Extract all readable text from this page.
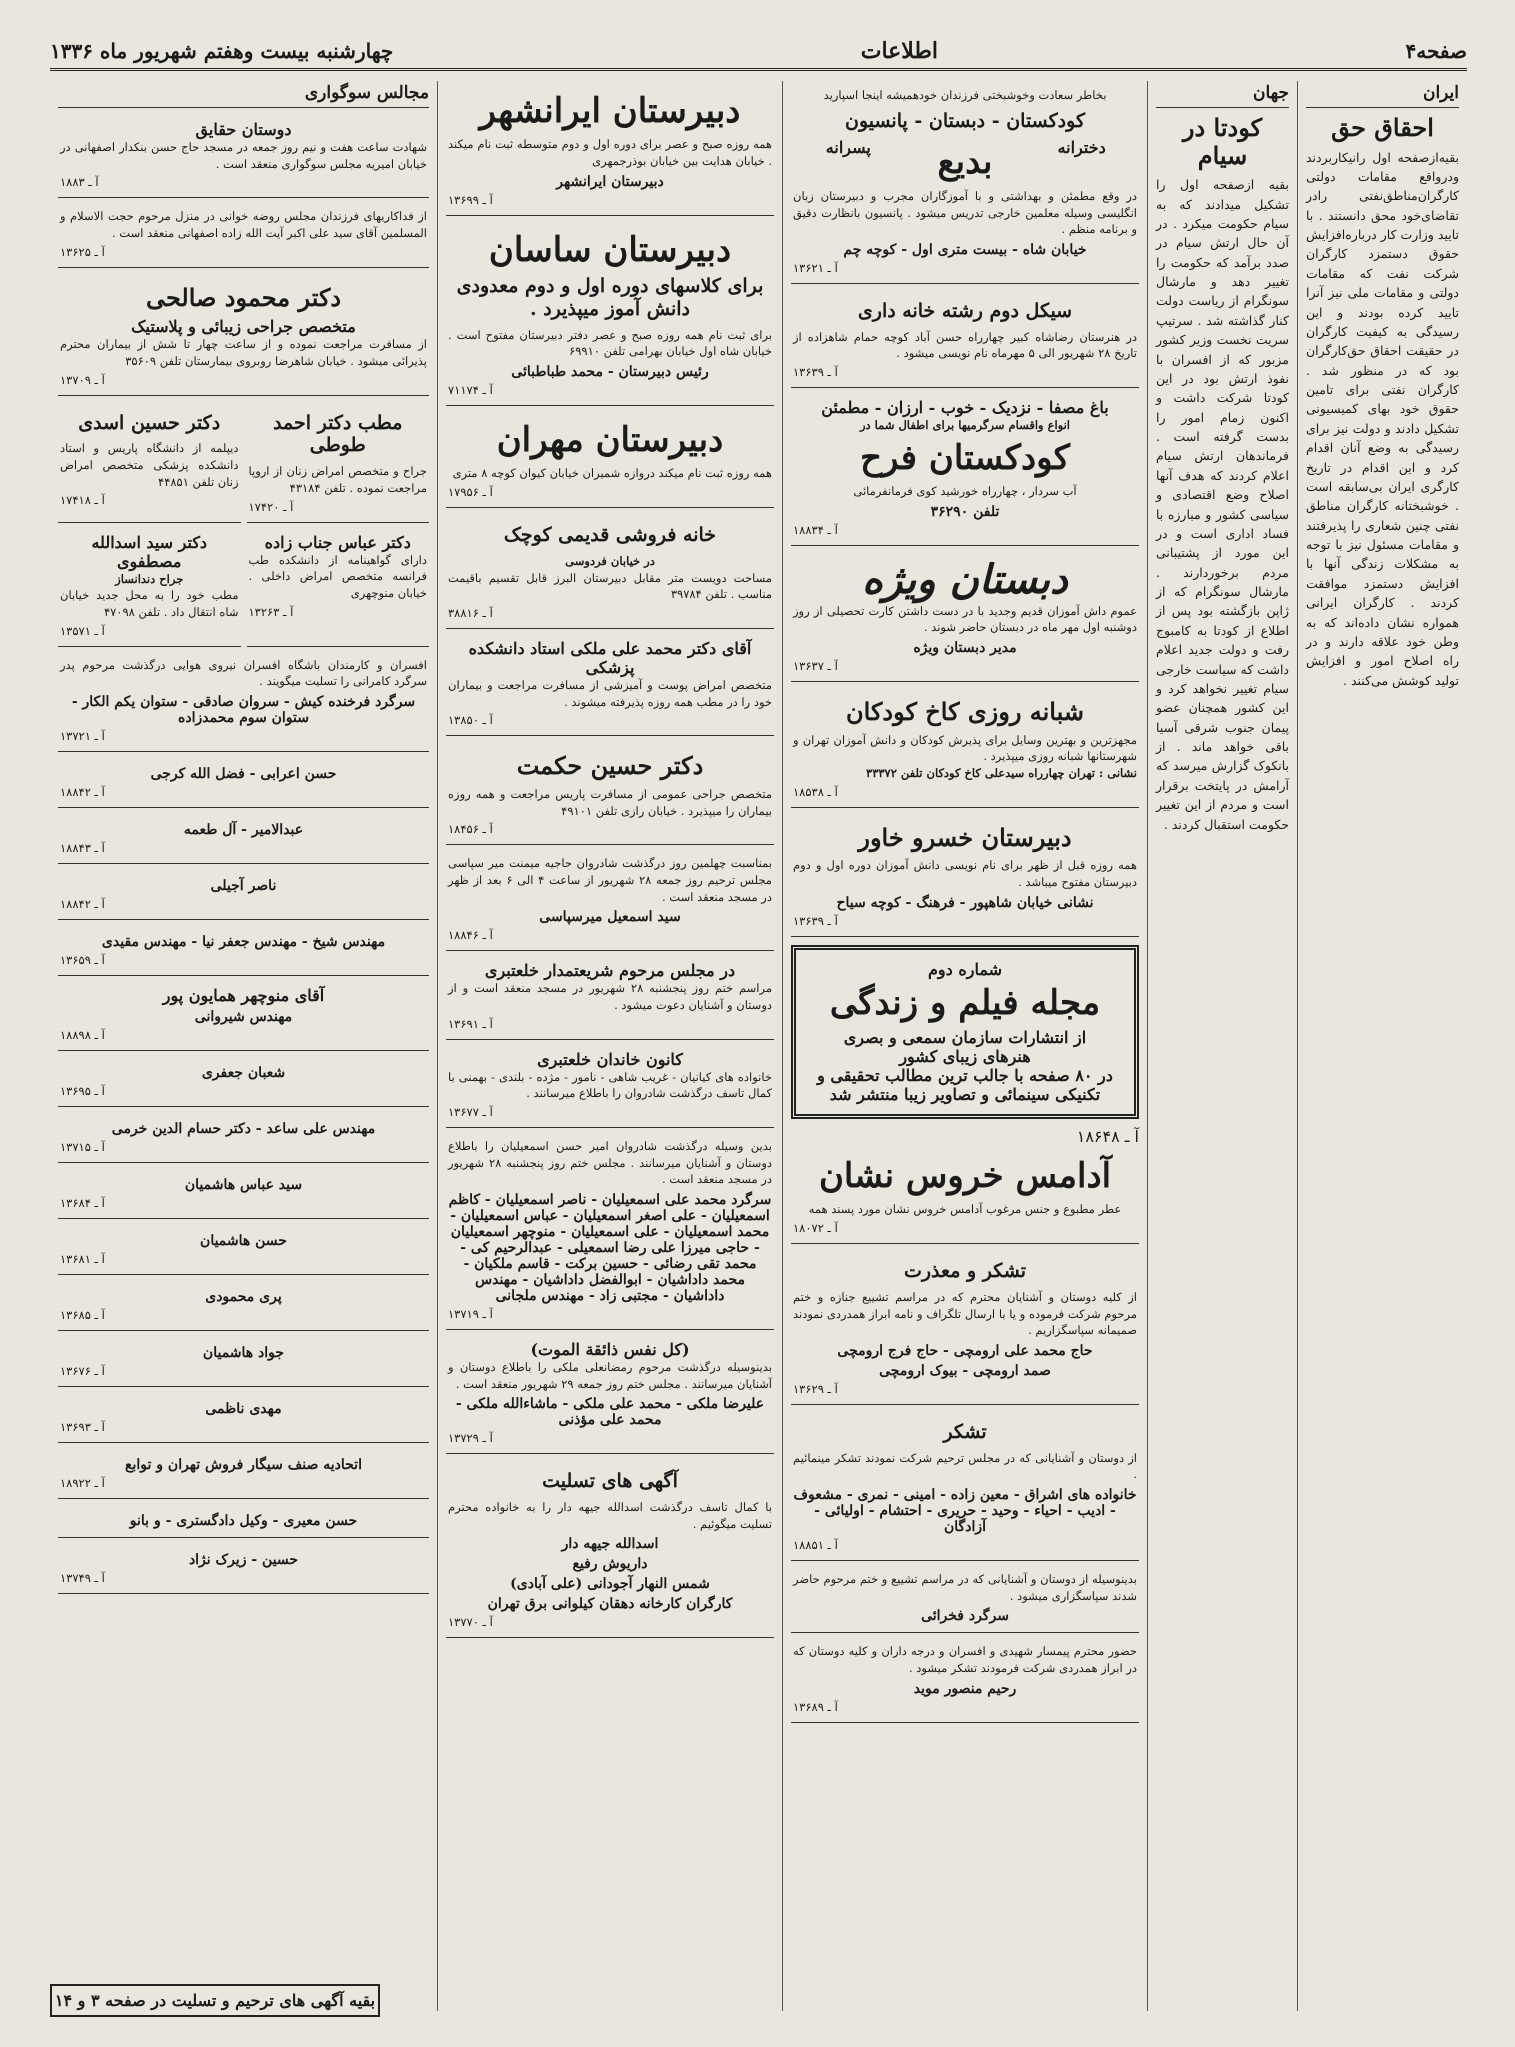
صفحه۴
اطلاعات
چهارشنبه بیست وهفتم شهریور ماه ۱۳۳۶
ایران
احقاق حق
بقیه‌ازصفحه اول رانیکاربردند ودرواقع مقامات دولتی کارگران‌مناطق‌نفتی رادر تقاضای‌خود محق دانستند . با تایید وزارت کار درباره‌افزایش حقوق دستمزد کارگران شرکت نفت که مقامات دولتی و مقامات ملی نیز آنرا تایید کرده بودند و این رسیدگی به کیفیت کارگران در حقیقت احقاق حق‌کارگران بود که در منظور شد . کارگران نفتی برای تامین حقوق خود بهای کمیسیونی تشکیل دادند و دولت نیز برای رسیدگی به وضع آنان اقدام کرد و این اقدام در تاریخ کارگری ایران بی‌سابقه است . خوشبختانه کارگران مناطق نفتی چنین شعاری را پذیرفتند و مقامات مسئول نیز با توجه به مشکلات زندگی آنها با افزایش دستمزد موافقت کردند . کارگران ایرانی همواره نشان داده‌اند که به وطن خود علاقه دارند و در راه اصلاح امور و افزایش تولید کوشش می‌کنند .
جهان
کودتا در سیام
بقیه ازصفحه اول را تشکیل میدادند که به سیام حکومت میکرد . در آن حال ارتش سیام در صدد برآمد که حکومت را تغییر دهد و مارشال سونگرام از ریاست دولت کنار گذاشته شد . سرتیپ سریت نخست وزیر کشور مزبور که از افسران با نفوذ ارتش بود در این کودتا شرکت داشت و اکنون زمام امور را بدست گرفته است . فرماندهان ارتش سیام اعلام کردند که هدف آنها اصلاح وضع اقتصادی و سیاسی کشور و مبارزه با فساد اداری است و در این مورد از پشتیبانی مردم برخوردارند . مارشال سونگرام که از ژاپن بازگشته بود پس از اطلاع از کودتا به کامبوج رفت و دولت جدید اعلام داشت که سیاست خارجی سیام تغییر نخواهد کرد و این کشور همچنان عضو پیمان جنوب شرقی آسیا باقی خواهد ماند . از بانکوک گزارش میرسد که آرامش در پایتخت برقرار است و مردم از این تغییر حکومت استقبال کردند .
بخاطر سعادت وخوشبختی فرزندان خودهمیشه اینجا اسپارید
کودکستان - دبستان - پانسیون
دخترانه
بدیع
پسرانه
در وقع مطمئن و بهداشتی و با آموزگاران مجرب و دبیرستان زبان انگلیسی وسیله معلمین خارجی تدریس میشود . پانسیون بانظارت دقیق و برنامه منظم .
خیابان شاه - بیست متری اول - کوچه چم
آ ـ ۱۳۶۲۱
سیکل دوم رشته خانه داری
در هنرستان رضاشاه کبیر چهارراه حسن آباد کوچه حمام شاهزاده از تاریخ ۲۸ شهریور الی ۵ مهرماه نام نویسی میشود .
آ ـ ۱۳۶۳۹
باغ مصفا - نزدیک - خوب - ارزان - مطمئن
انواع واقسام سرگرمیها برای اطفال شما در
کودکستان فرح
آب سردار ، چهارراه خورشید کوی فرمانفرمائی
تلفن ۳۶۲۹۰
آ ـ ۱۸۸۳۴
دبستان ویژه
عموم داش آموزان قدیم وجدید با در دست داشتن کارت تحصیلی از روز دوشنبه اول مهر ماه در دبستان حاضر شوند .
مدیر دبستان ویژه
آ ـ ۱۳۶۳۷
شبانه روزی کاخ کودکان
مجهزترین و بهترین وسایل برای پذیرش کودکان و دانش آموزان تهران و شهرستانها شبانه روزی میپذیرد .
نشانی : تهران چهارراه سیدعلی کاخ کودکان تلفن ۳۳۳۷۲
آ ـ ۱۸۵۳۸
دبیرستان خسرو خاور
همه روزه قبل از ظهر برای نام نویسی دانش آموزان دوره اول و دوم دبیرستان مفتوح میباشد .
نشانی خیابان شاهپور - فرهنگ - کوچه سیاح
آ ـ ۱۳۶۳۹
شماره دوم
مجله فیلم و زندگی
از انتشارات سازمان سمعی و بصری
هنرهای زیبای کشور
در ۸۰ صفحه با جالب ترین مطالب تحقیقی و تکنیکی سینمائی و تصاویر زیبا منتشر شد
آ ـ ۱۸۶۴۸
آدامس خروس نشان
عطر مطبوع و جنس مرغوب آدامس خروس نشان مورد پسند همه
آ ـ ۱۸۰۷۲
تشکر و معذرت
از کلیه دوستان و آشنایان محترم که در مراسم تشییع جنازه و ختم مرحوم شرکت فرموده و یا با ارسال تلگراف و نامه ابراز همدردی نمودند صمیمانه سپاسگزاریم .
حاج محمد علی ارومچی - حاج فرج ارومچی
صمد ارومچی - بیوک ارومچی
آ ـ ۱۳۶۲۹
تشکر
از دوستان و آشنایانی که در مجلس ترحیم شرکت نمودند تشکر مینمائیم .
خانواده های اشراق - معین زاده - امینی - نمری - مشعوف - ادیب - احیاء - وحید - حریری - احتشام - اولیائی - آزادگان
آ ـ ۱۸۸۵۱
بدینوسیله از دوستان و آشنایانی که در مراسم تشییع و ختم مرحوم حاضر شدند سپاسگزاری میشود .
سرگرد فخرائی
حضور محترم پیمسار شهیدی و افسران و درجه داران و کلیه دوستان که در ابراز همدردی شرکت فرمودند تشکر میشود .
رحیم منصور موید
آ ـ ۱۳۶۸۹
دبیرستان ایرانشهر
همه روزه صبح و عصر برای دوره اول و دوم متوسطه ثبت نام میکند . خیابان هدایت بین خیابان بوذرجمهری
دبیرستان ایرانشهر
آ ـ ۱۳۶۹۹
دبیرستان ساسان
برای کلاسهای دوره اول و دوم معدودی دانش آموز میپذیرد .
برای ثبت نام همه روزه صبح و عصر دفتر دبیرستان مفتوح است . خیابان شاه اول خیابان بهرامی تلفن ۶۹۹۱۰
رئیس دبیرستان - محمد طباطبائی
آ ـ ۷۱۱۷۴
دبیرستان مهران
همه روزه ثبت نام میکند دروازه شمیران خیابان کیوان کوچه ۸ متری
آ ـ ۱۷۹۵۶
خانه فروشی قدیمی کوچک
در خیابان فردوسی
مساحت دویست متر مقابل دبیرستان البرز قابل تقسیم باقیمت مناسب . تلفن ۳۹۷۸۴
آ ـ ۳۸۸۱۶
آقای دکتر محمد علی ملکی استاد دانشکده پزشکی
متخصص امراض پوست و آمیزشی از مسافرت مراجعت و بیماران خود را در مطب همه روزه پذیرفته میشوند .
آ ـ ۱۳۸۵۰
دکتر حسین حکمت
متخصص جراحی عمومی از مسافرت پاریس مراجعت و همه روزه بیماران را میپذیرد . خیابان رازی تلفن ۴۹۱۰۱
آ ـ ۱۸۴۵۶
بمناسبت چهلمین روز درگذشت شادروان حاجیه میمنت میر سپاسی مجلس ترحیم روز جمعه ۲۸ شهریور از ساعت ۴ الی ۶ بعد از ظهر در مسجد منعقد است .
سید اسمعیل میرسپاسی
آ ـ ۱۸۸۴۶
در مجلس مرحوم شریعتمدار خلعتبری
مراسم ختم روز پنجشنبه ۲۸ شهریور در مسجد منعقد است و از دوستان و آشنایان دعوت میشود .
آ ـ ۱۳۶۹۱
کانون خاندان خلعتبری
خانواده های کیانیان - غریب شاهی - نامور - مژده - بلندی - بهمنی با کمال تاسف درگذشت شادروان را باطلاع میرسانند .
آ ـ ۱۳۶۷۷
بدین وسیله درگذشت شادروان امیر حسن اسمعیلیان را باطلاع دوستان و آشنایان میرسانند . مجلس ختم روز پنجشنبه ۲۸ شهریور در مسجد منعقد است .
سرگرد محمد علی اسمعیلیان - ناصر اسمعیلیان - کاظم اسمعیلیان - علی اصغر اسمعیلیان - عباس اسمعیلیان - محمد اسمعیلیان - علی اسمعیلیان - منوچهر اسمعیلیان - حاجی میرزا علی رضا اسمعیلی - عبدالرحیم کی - محمد تقی رضائی - حسین برکت - قاسم ملکیان - محمد داداشیان - ابوالفضل داداشیان - مهندس داداشیان - مجتبی زاد - مهندس ملجانی
آ ـ ۱۳۷۱۹
(کل نفس ذائقة الموت)
بدینوسیله درگذشت مرحوم رمضانعلی ملکی را باطلاع دوستان و آشنایان میرسانند . مجلس ختم روز جمعه ۲۹ شهریور منعقد است .
علیرضا ملکی - محمد علی ملکی - ماشاءالله ملکی - محمد علی مؤذنی
آ ـ ۱۳۷۲۹
آگهی های تسلیت
با کمال تاسف درگذشت اسدالله جیهه دار را به خانواده محترم تسلیت میگوئیم .
اسدالله جیهه دار
داریوش رفیع
شمس النهار آجودانی (علی آبادی)
کارگران کارخانه دهقان کیلوانی برق تهران
آ ـ ۱۳۷۷۰
مجالس سوگواری
دوستان حقایق
شهادت ساعت هفت و نیم روز جمعه در مسجد حاج حسن بنکدار اصفهانی در خیابان امیریه مجلس سوگواری منعقد است .
آ ـ ۱۸۸۳
از فداکاریهای فرزندان مجلس روضه خوانی در منزل مرحوم حجت الاسلام و المسلمین آقای سید علی اکبر آیت الله زاده اصفهانی منعقد است .
آ ـ ۱۳۶۲۵
دکتر محمود صالحی
متخصص جراحی زیبائی و پلاستیک
از مسافرت مراجعت نموده و از ساعت چهار تا شش از بیماران محترم پذیرائی میشود . خیابان شاهرضا روبروی بیمارستان تلفن ۳۵۶۰۹
آ ـ ۱۳۷۰۹
مطب دکتر احمد طوطی
جراح و متخصص امراض زنان از اروپا مراجعت نموده . تلفن ۴۳۱۸۴
آ ـ ۱۷۴۲۰
دکتر حسین اسدی
دیپلمه از دانشگاه پاریس و استاد دانشکده پزشکی متخصص امراض زنان تلفن ۴۴۸۵۱
آ ـ ۱۷۴۱۸
دکتر عباس جناب زاده
دارای گواهینامه از دانشکده طب فرانسه متخصص امراض داخلی . خیابان منوچهری
آ ـ ۱۳۲۶۳
دکتر سید اسدالله مصطفوی
جراح دندانساز
مطب خود را به محل جدید خیابان شاه انتقال داد . تلفن ۴۷۰۹۸
آ ـ ۱۳۵۷۱
افسران و کارمندان باشگاه افسران نیروی هوایی درگذشت مرحوم پدر سرگرد کامرانی را تسلیت میگویند .
سرگرد فرخنده کیش - سروان صادقی - ستوان یکم الکار - ستوان سوم محمدزاده
آ ـ ۱۳۷۲۱
حسن اعرابی - فضل الله کرجی
آ ـ ۱۸۸۴۲
عبدالامیر - آل طعمه
آ ـ ۱۸۸۴۳
ناصر آجیلی
آ ـ ۱۸۸۴۲
مهندس شیخ - مهندس جعفر نیا - مهندس مقیدی
آ ـ ۱۳۶۵۹
آقای منوچهر همایون پور
مهندس شیروانی
آ ـ ۱۸۸۹۸
شعبان جعفری
آ ـ ۱۳۶۹۵
مهندس علی ساعد - دکتر حسام الدین خرمی
آ ـ ۱۳۷۱۵
سید عباس هاشمیان
آ ـ ۱۳۶۸۴
حسن هاشمیان
آ ـ ۱۳۶۸۱
پری محمودی
آ ـ ۱۳۶۸۵
جواد هاشمیان
آ ـ ۱۳۶۷۶
مهدی ناظمی
آ ـ ۱۳۶۹۳
اتحادیه صنف سیگار فروش تهران و توابع
آ ـ ۱۸۹۲۲
حسن معیری - وکیل دادگستری - و بانو
حسین - زیرک نژاد
آ ـ ۱۳۷۴۹
بقیه آگهی های ترحیم و تسلیت در صفحه ۳ و ۱۴
